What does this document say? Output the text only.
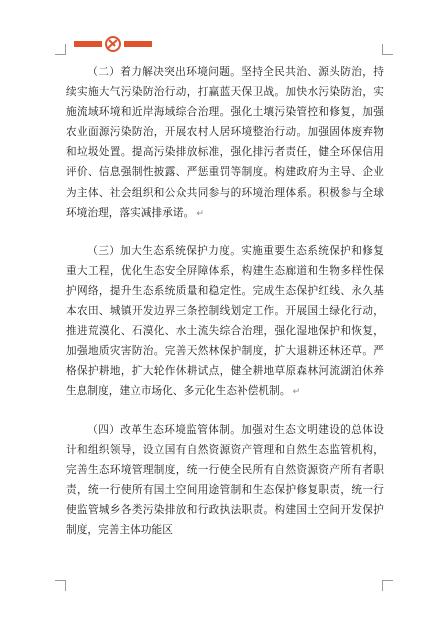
（二）着力解决突出环境问题。坚持全民共治、源头防治，持续实施大气污染防治行动，打赢蓝天保卫战。加快水污染防治，实施流域环境和近岸海域综合治理。强化土壤污染管控和修复，加强农业面源污染防治，开展农村人居环境整治行动。加强固体废弃物和垃圾处置。提高污染排放标准，强化排污者责任，健全环保信用评价、信息强制性披露、严惩重罚等制度。构建政府为主导、企业为主体、社会组织和公众共同参与的环境治理体系。积极参与全球环境治理，落实减排承诺。 ↵

（三）加大生态系统保护力度。实施重要生态系统保护和修复重大工程，优化生态安全屏障体系，构建生态廊道和生物多样性保护网络，提升生态系统质量和稳定性。完成生态保护红线、永久基本农田、城镇开发边界三条控制线划定工作。开展国土绿化行动，推进荒漠化、石漠化、水土流失综合治理，强化湿地保护和恢复，加强地质灾害防治。完善天然林保护制度，扩大退耕还林还草。严格保护耕地，扩大轮作休耕试点，健全耕地草原森林河流湖泊休养生息制度，建立市场化、多元化生态补偿机制。 ↵

（四）改革生态环境监管体制。加强对生态文明建设的总体设计和组织领导，设立国有自然资源资产管理和自然生态监管机构，完善生态环境管理制度，统一行使全民所有自然资源资产所有者职责，统一行使所有国土空间用途管制和生态保护修复职责，统一行使监管城乡各类污染排放和行政执法职责。构建国土空间开发保护制度，完善主体功能区
